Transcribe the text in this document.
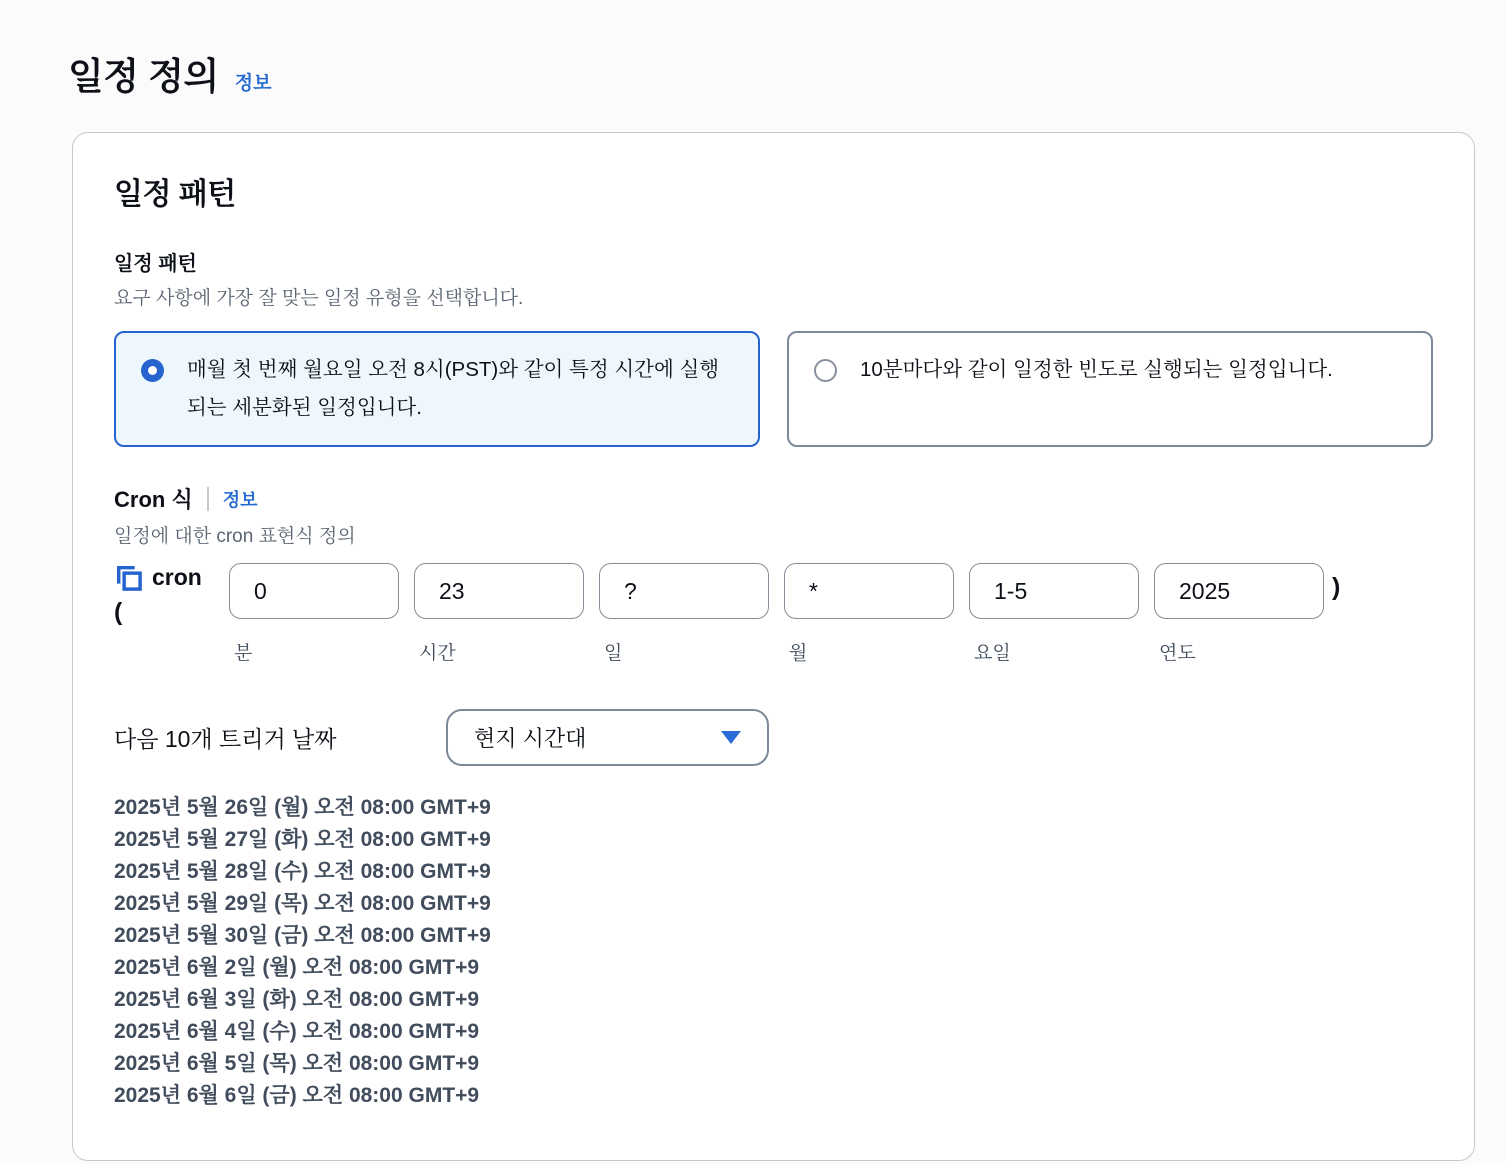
일정 정의 정보
일정 패턴
일정 패턴
요구 사항에 가장 잘 맞는 일정 유형을 선택합니다.
매월 첫 번째 월요일 오전 8시(PST)와 같이 특정 시간에 실행되는 세분화된 일정입니다.
10분마다와 같이 일정한 빈도로 실행되는 일정입니다.
Cron 식 정보
일정에 대한 cron 표현식 정의
cron
(
0
분
23	시간
?	일
*	월
1-5	요일
2025	연도
)
다음 10개 트리거 날짜	현지 시간대
2025년 5월 26일 (월) 오전 08:00 GMT+9
2025년 5월 27일 (화) 오전 08:00 GMT+9
2025년 5월 28일 (수) 오전 08:00 GMT+9
2025년 5월 29일 (목) 오전 08:00 GMT+9
2025년 5월 30일 (금) 오전 08:00 GMT+9
2025년 6월 2일 (월) 오전 08:00 GMT+9
2025년 6월 3일 (화) 오전 08:00 GMT+9
2025년 6월 4일 (수) 오전 08:00 GMT+9
2025년 6월 5일 (목) 오전 08:00 GMT+9
2025년 6월 6일 (금) 오전 08:00 GMT+9
